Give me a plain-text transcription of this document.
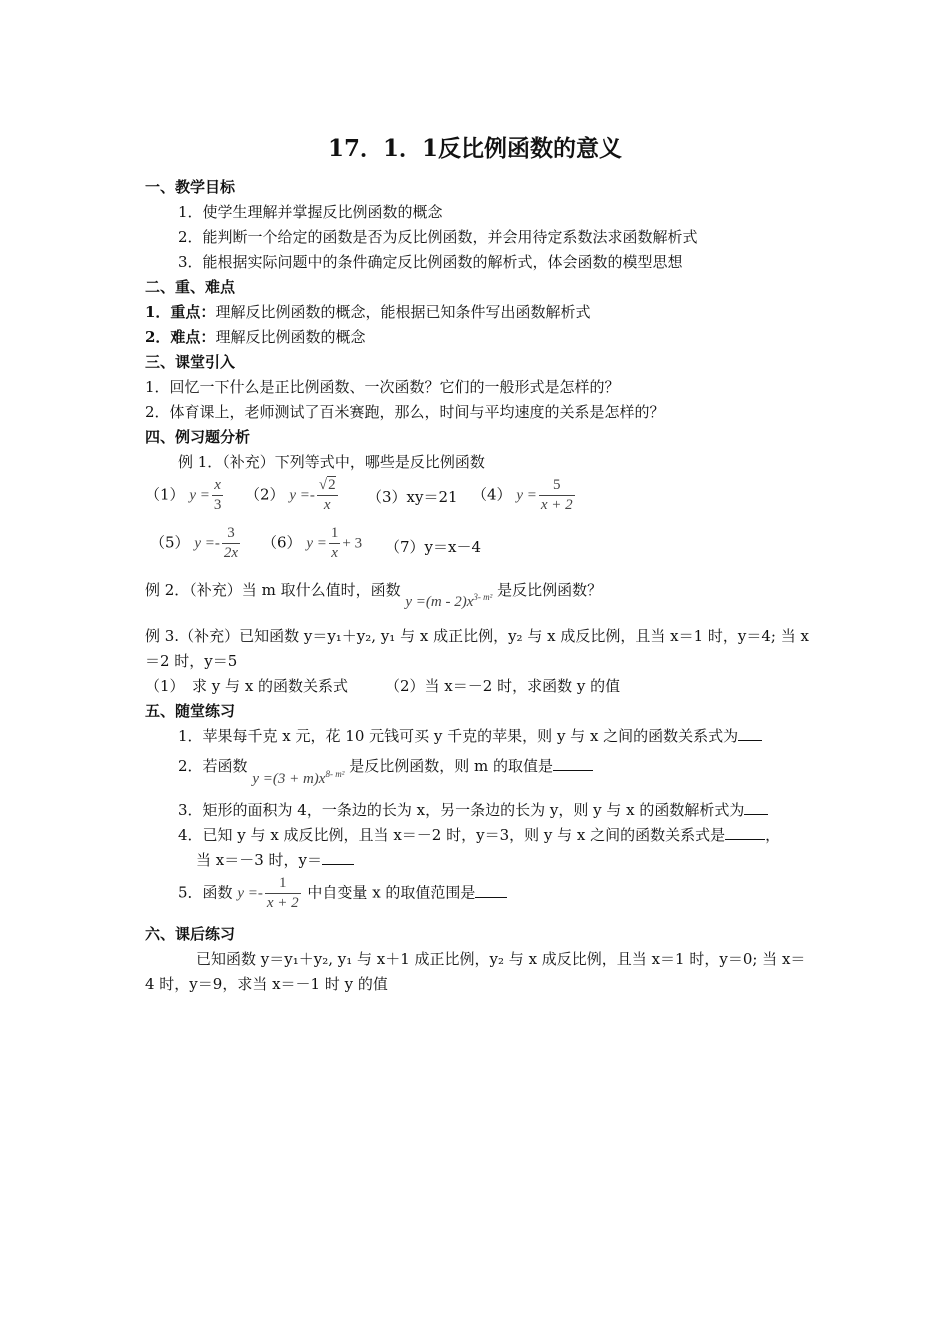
17．1．1反比例函数的意义
一、教学目标
1．使学生理解并掌握反比例函数的概念
2．能判断一个给定的函数是否为反比例函数，并会用待定系数法求函数解析式
3．能根据实际问题中的条件确定反比例函数的解析式，体会函数的模型思想
二、重、难点
1．重点：理解反比例函数的概念，能根据已知条件写出函数解析式
2．难点：理解反比例函数的概念
三、课堂引入
1．回忆一下什么是正比例函数、一次函数？它们的一般形式是怎样的？
2．体育课上，老师测试了百米赛跑，那么，时间与平均速度的关系是怎样的？
四、例习题分析
例 1．（补充）下列等式中，哪些是反比例函数
（1） $y = \frac{x}{3} (2) y =- \frac{√2}{x} (3)xy=21$ （4） $y = \frac{5}{x + 2}$
（5） $y =- \frac{3}{2x} (6) y = \frac{1}{x} + 3$ （7）y＝x－4
例 2．（补充）当 m 取什么值时，函数 $y =(m - 2)x^{3- m^2}$ 是反比例函数？
例 3.（补充）已知函数 y＝y₁＋y₂, y₁ 与 x 成正比例，y₂ 与 x 成反比例，且当 x＝1 时，y＝4; 当 x
＝2 时，y＝5
（1）　求 y 与 x 的函数关系式 （2）当 x＝－2 时，求函数 y 的值
五、随堂练习
1．苹果每千克 x 元，花 10 元钱可买 y 千克的苹果，则 y 与 x 之间的函数关系式为
2．若函数 $y =(3 + m)x^{8- m^2}$ 是反比例函数，则 m 的取值是
3．矩形的面积为 4，一条边的长为 x，另一条边的长为 y，则 y 与 x 的函数解析式为
4．已知 y 与 x 成反比例，且当 x＝－2 时，y＝3，则 y 与 x 之间的函数关系式是	，
当 x＝－3 时，y＝
5．函数 $y =- \frac{1}{x + 2}$ 中自变量 x 的取值范围是
六、课后练习
已知函数 y＝y₁＋y₂, y₁ 与 x＋1 成正比例，y₂ 与 x 成反比例，且当 x＝1 时，y＝0; 当 x＝
4 时，y＝9，求当 x＝－1 时 y 的值
